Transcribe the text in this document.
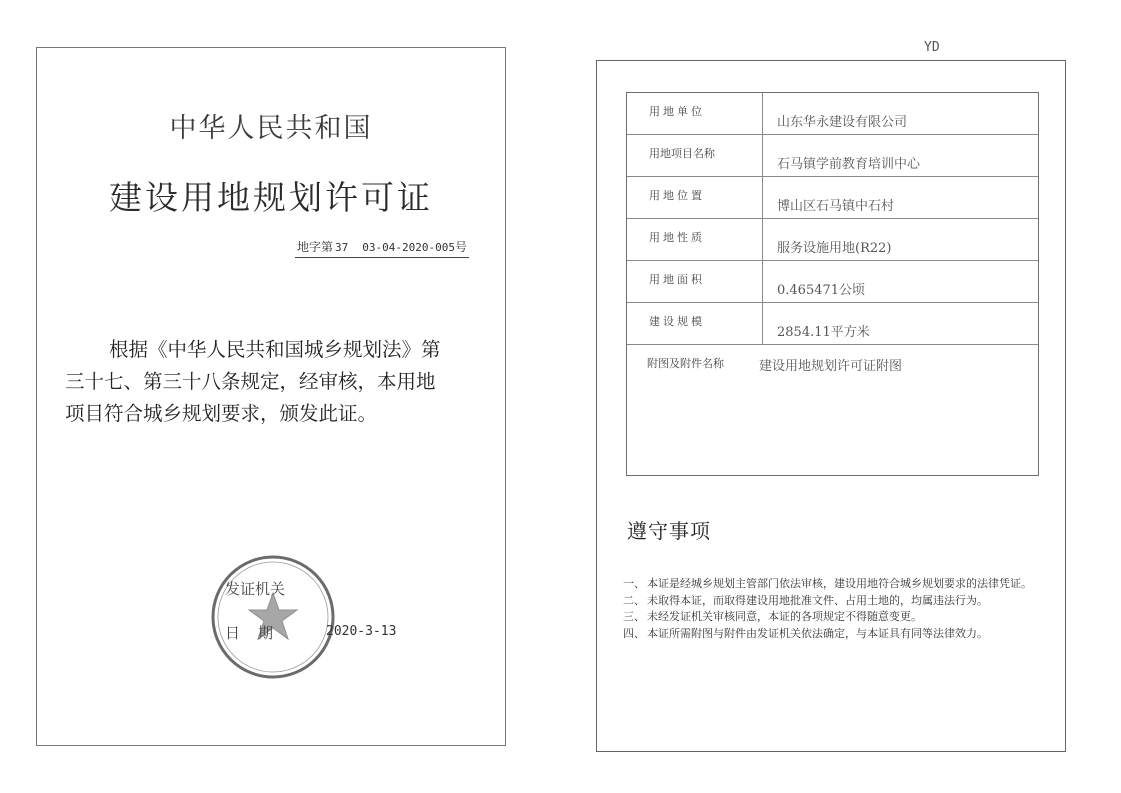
YD
中华人民共和国
建设用地规划许可证
地字第 37 03-04-2020-005号

根据《中华人民共和国城乡规划法》第

三十七、第三十八条规定，经审核，本用地

项目符合城乡规划要求，颁发此证。

发证机关
日期	2020-3-13
用地单位
山东华永建设有限公司
用地项目名称
石马镇学前教育培训中心
用地位置
博山区石马镇中石村
用地性质
服务设施用地(R22)
用地面积
0.465471公顷
建设规模
2854.11平方米
附图及附件名称	建设用地规划许可证附图
遵守事项
一、 本证是经城乡规划主管部门依法审核，建设用地符合城乡规划要求的法律凭证。
二、 未取得本证，而取得建设用地批准文件、占用土地的，均属违法行为。
三、 未经发证机关审核同意，本证的各项规定不得随意变更。
四、 本证所需附图与附件由发证机关依法确定，与本证具有同等法律效力。
